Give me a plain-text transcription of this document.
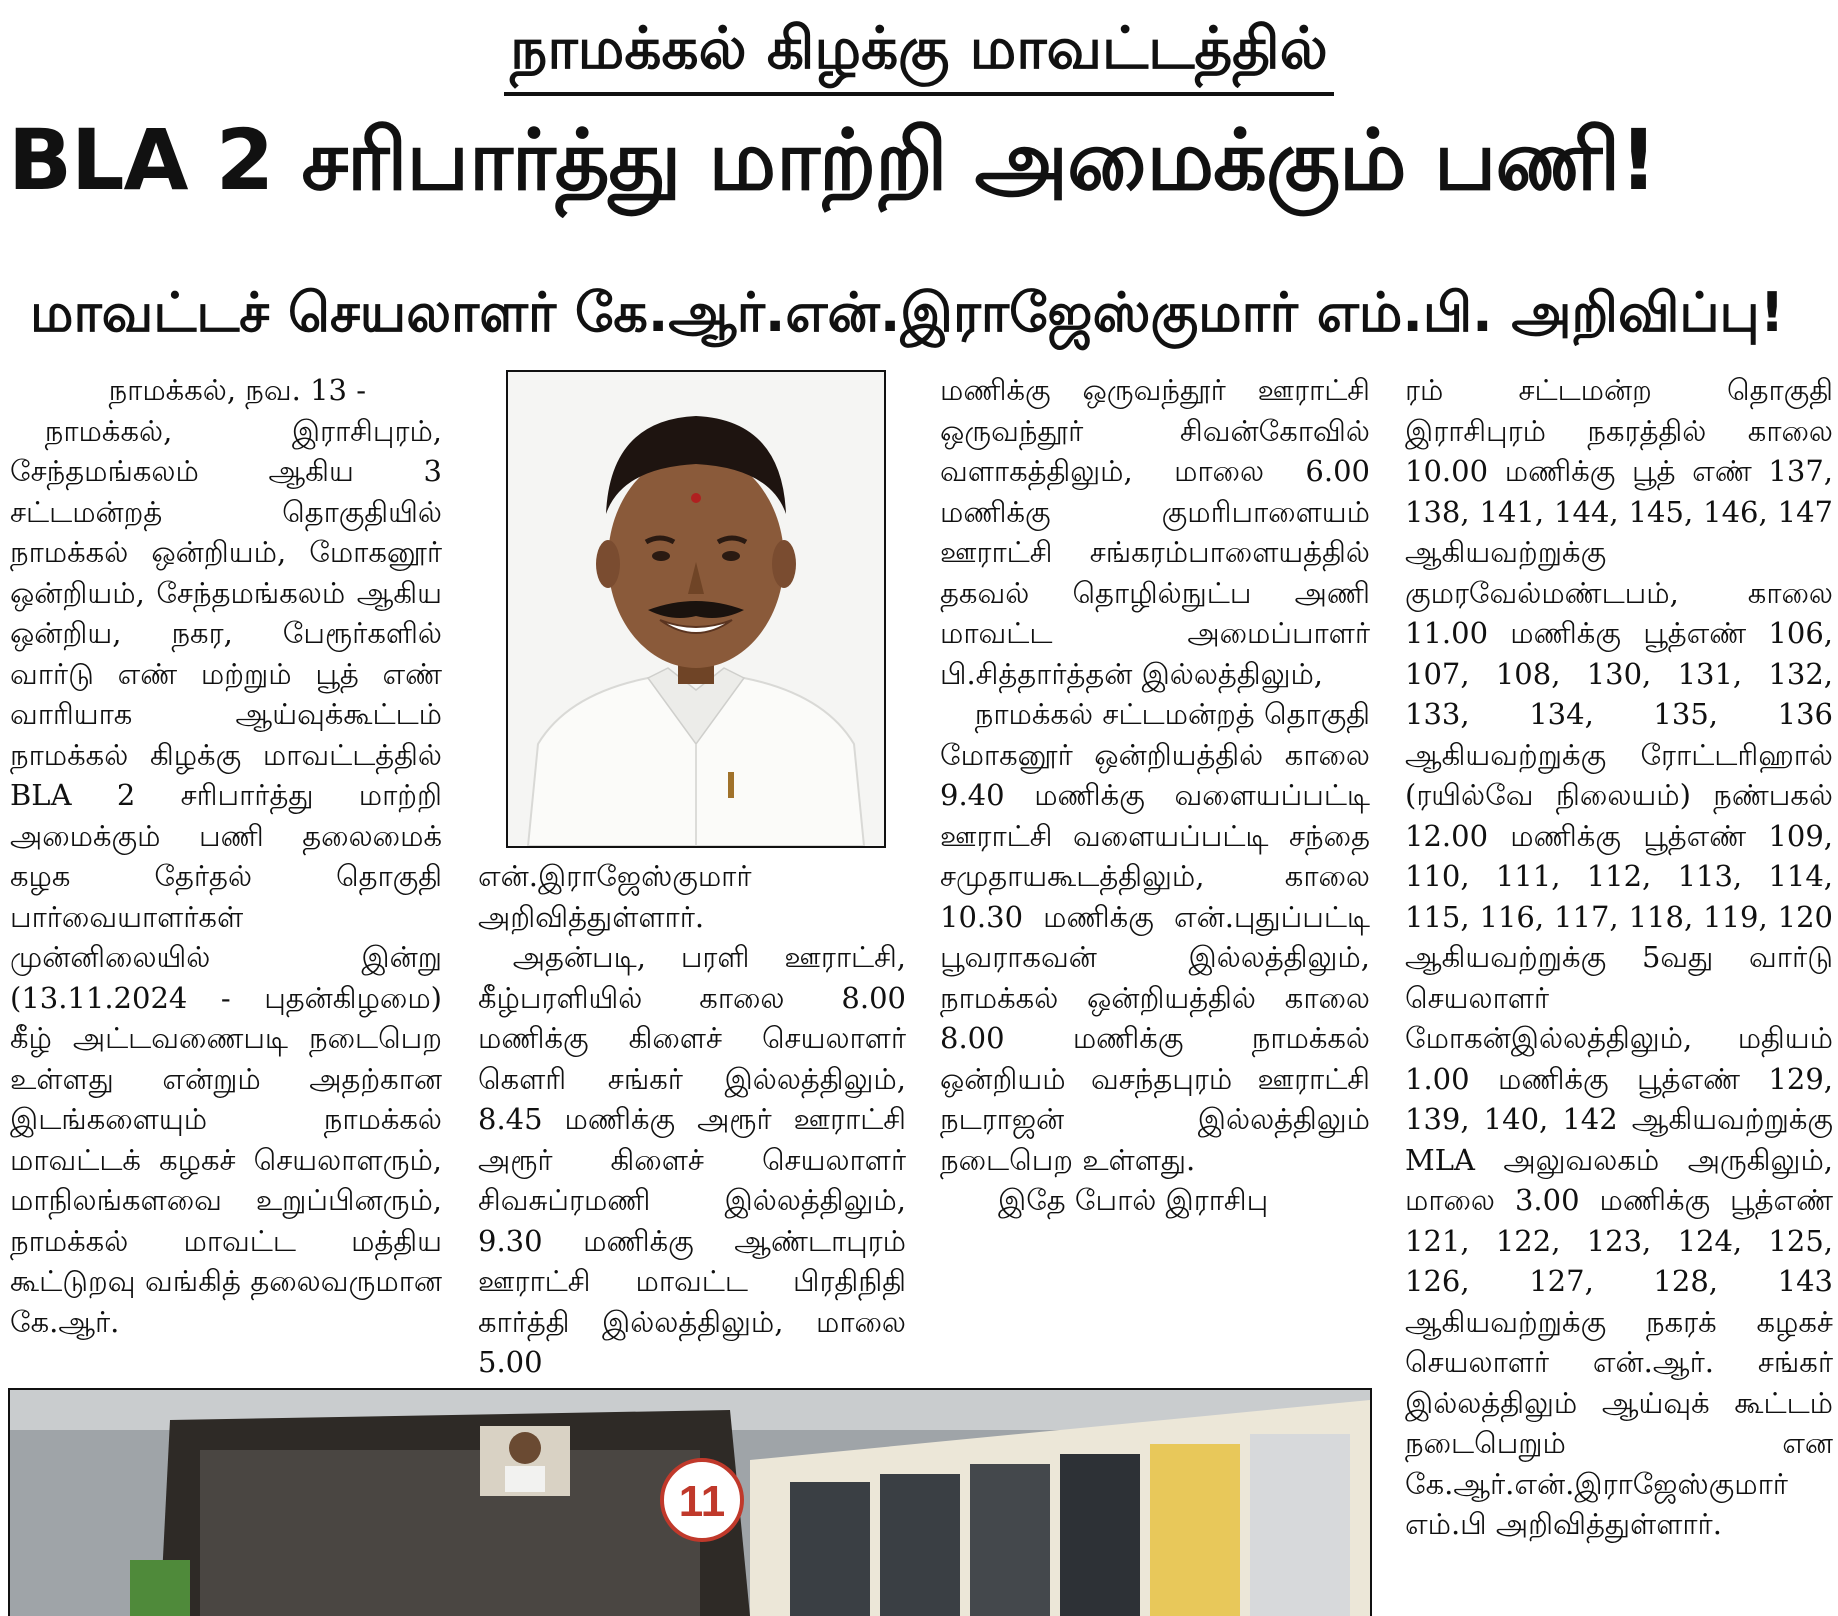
நாமக்கல் கிழக்கு மாவட்டத்தில்
BLA 2 சரிபார்த்து மாற்றி அமைக்கும் பணி!
மாவட்டச் செயலாளர் கே.ஆர்.என்.இராஜேஸ்குமார் எம்.பி. அறிவிப்பு!

நாமக்கல், நவ. 13 -

நாமக்கல், இராசிபுரம், சேந்தமங்கலம் ஆகிய 3 சட்டமன்றத் தொகுதியில் நாமக்கல் ஒன்றியம், மோகனூர் ஒன்றியம், சேந்தமங்கலம் ஆகிய ஒன்றிய, நகர, பேரூர்களில் வார்டு எண் மற்றும் பூத் எண் வாரியாக ஆய்வுக்கூட்டம் நாமக்கல் கிழக்கு மாவட்டத்தில் BLA 2 சரிபார்த்து மாற்றி அமைக்கும் பணி தலைமைக் கழக தேர்தல் தொகுதி பார்வையாளர்கள் முன்னிலையில் இன்று (13.11.2024 - புதன்கிழமை) கீழ் அட்டவணைபடி நடைபெற உள்ளது என்றும் அதற்கான இடங்களையும் நாமக்கல் மாவட்டக் கழகச் செயலாளரும், மாநிலங்களவை உறுப்பினரும், நாமக்கல் மாவட்ட மத்திய கூட்டுறவு வங்கித் தலைவருமான கே.ஆர்.

என்.இராஜேஸ்குமார் அறிவித்துள்ளார்.

அதன்படி, பரளி ஊராட்சி, கீழ்பரளியில் காலை 8.00 மணிக்கு கிளைச் செயலாளர் கௌரி சங்கர் இல்லத்திலும், 8.45 மணிக்கு அரூர் ஊராட்சி அரூர் கிளைச் செயலாளர் சிவசுப்ரமணி இல்லத்திலும், 9.30 மணிக்கு ஆண்டாபுரம் ஊராட்சி மாவட்ட பிரதிநிதி கார்த்தி இல்லத்திலும், மாலை 5.00

மணிக்கு ஒருவந்தூர் ஊராட்சி ஒருவந்தூர் சிவன்கோவில் வளாகத்திலும், மாலை 6.00 மணிக்கு குமரிபாளையம் ஊராட்சி சங்கரம்பாளையத்தில் தகவல் தொழில்நுட்ப அணி மாவட்ட அமைப்பாளர் பி.சித்தார்த்தன் இல்லத்திலும்,

நாமக்கல் சட்டமன்றத் தொகுதி மோகனூர் ஒன்றியத்தில் காலை 9.40 மணிக்கு வளையப்பட்டி ஊராட்சி வளையப்பட்டி சந்தை சமுதாயகூடத்திலும், காலை 10.30 மணிக்கு என்.புதுப்பட்டி பூவராகவன் இல்லத்திலும், நாமக்கல் ஒன்றியத்தில் காலை 8.00 மணிக்கு நாமக்கல் ஒன்றியம் வசந்தபுரம் ஊராட்சி நடராஜன் இல்லத்திலும் நடைபெற உள்ளது.

இதே போல் இராசிபு

ரம் சட்டமன்ற தொகுதி இராசிபுரம் நகரத்தில் காலை 10.00 மணிக்கு பூத் எண் 137, 138, 141, 144, 145, 146, 147 ஆகியவற்றுக்கு குமரவேல்மண்டபம், காலை 11.00 மணிக்கு பூத்எண் 106, 107, 108, 130, 131, 132, 133, 134, 135, 136 ஆகியவற்றுக்கு ரோட்டரிஹால் (ரயில்வே நிலையம்) நண்பகல் 12.00 மணிக்கு பூத்எண் 109, 110, 111, 112, 113, 114, 115, 116, 117, 118, 119, 120 ஆகியவற்றுக்கு 5வது வார்டு செயலாளர் மோகன்இல்லத்திலும், மதியம் 1.00 மணிக்கு பூத்எண் 129, 139, 140, 142 ஆகியவற்றுக்கு MLA அலுவலகம் அருகிலும், மாலை 3.00 மணிக்கு பூத்எண் 121, 122, 123, 124, 125, 126, 127, 128, 143 ஆகியவற்றுக்கு நகரக் கழகச் செயலாளர் என்.ஆர். சங்கர் இல்லத்திலும் ஆய்வுக் கூட்டம் நடைபெறும் என கே.ஆர்.என்.இராஜேஸ்குமார் எம்.பி அறிவித்துள்ளார்.

11
